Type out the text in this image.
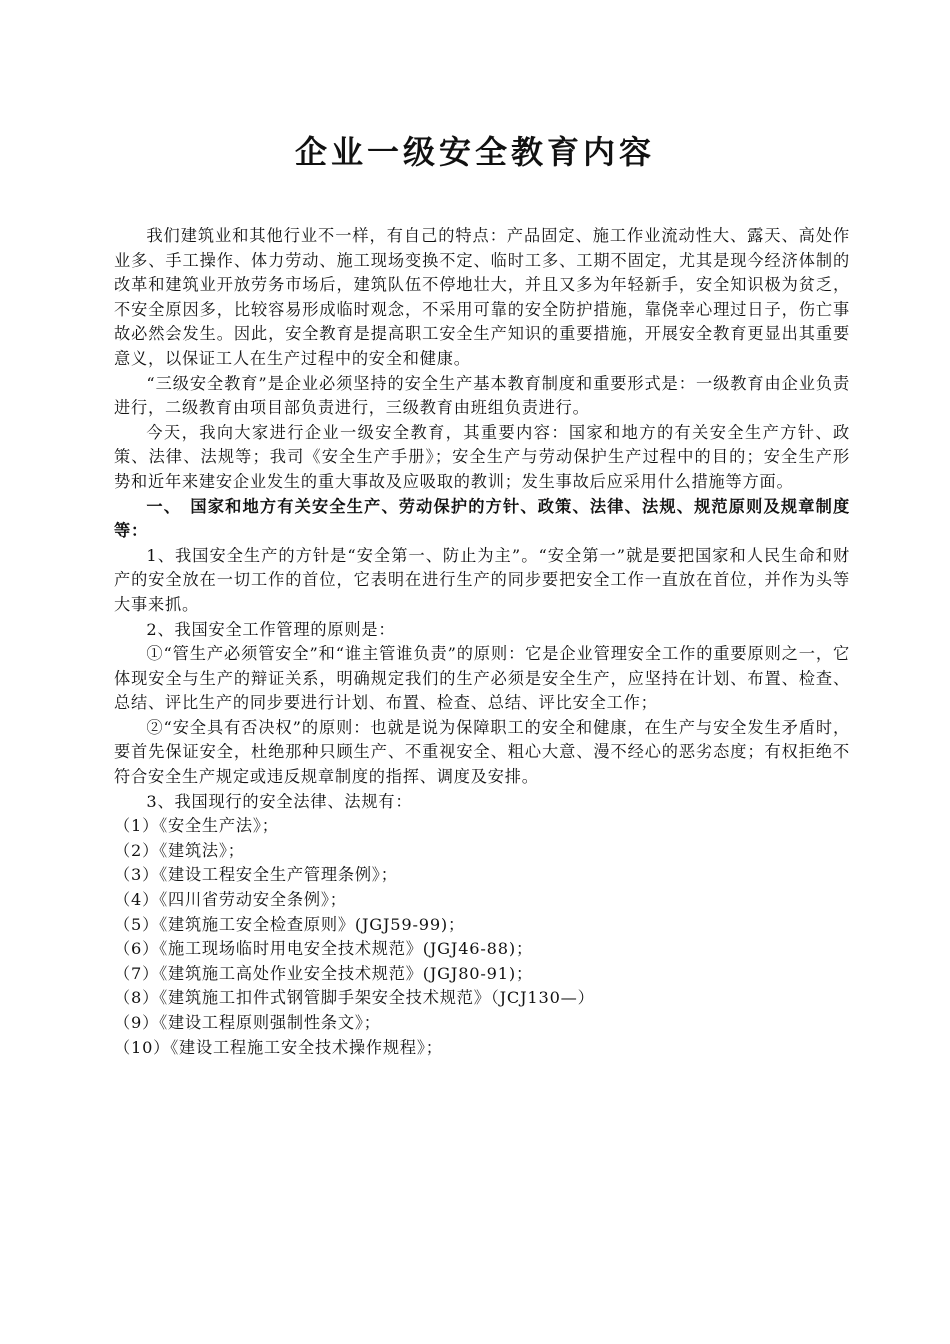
企业一级安全教育内容

我们建筑业和其他行业不一样，有自己的特点：产品固定、施工作业流动性大、露天、高处作业多、手工操作、体力劳动、施工现场变换不定、临时工多、工期不固定，尤其是现今经济体制的改革和建筑业开放劳务市场后，建筑队伍不停地壮大，并且又多为年轻新手，安全知识极为贫乏，不安全原因多，比较容易形成临时观念，不采用可靠的安全防护措施，靠侥幸心理过日子，伤亡事故必然会发生。因此，安全教育是提高职工安全生产知识的重要措施，开展安全教育更显出其重要意义，以保证工人在生产过程中的安全和健康。

“三级安全教育”是企业必须坚持的安全生产基本教育制度和重要形式是：一级教育由企业负责进行，二级教育由项目部负责进行，三级教育由班组负责进行。

今天，我向大家进行企业一级安全教育，其重要内容：国家和地方的有关安全生产方针、政策、法律、法规等；我司《安全生产手册》；安全生产与劳动保护生产过程中的目的；安全生产形势和近年来建安企业发生的重大事故及应吸取的教训；发生事故后应采用什么措施等方面。

一、　国家和地方有关安全生产、劳动保护的方针、政策、法律、法规、规范原则及规章制度等：

1、我国安全生产的方针是“安全第一、防止为主”。“安全第一”就是要把国家和人民生命和财产的安全放在一切工作的首位，它表明在进行生产的同步要把安全工作一直放在首位，并作为头等大事来抓。

2、我国安全工作管理的原则是：

①“管生产必须管安全”和“谁主管谁负责”的原则：它是企业管理安全工作的重要原则之一，它体现安全与生产的辩证关系，明确规定我们的生产必须是安全生产，应坚持在计划、布置、检查、总结、评比生产的同步要进行计划、布置、检查、总结、评比安全工作；

②“安全具有否决权”的原则：也就是说为保障职工的安全和健康，在生产与安全发生矛盾时，要首先保证安全，杜绝那种只顾生产、不重视安全、粗心大意、漫不经心的恶劣态度；有权拒绝不符合安全生产规定或违反规章制度的指挥、调度及安排。

3、我国现行的安全法律、法规有：

（1）《安全生产法》；

（2）《建筑法》；

（3）《建设工程安全生产管理条例》；

（4）《四川省劳动安全条例》；

（5）《建筑施工安全检查原则》(JGJ59-99)；

（6）《施工现场临时用电安全技术规范》(JGJ46-88)；

（7）《建筑施工高处作业安全技术规范》(JGJ80-91)；

（8）《建筑施工扣件式钢管脚手架安全技术规范》（JCJ130—）

（9）《建设工程原则强制性条文》；

（10）《建设工程施工安全技术操作规程》；
